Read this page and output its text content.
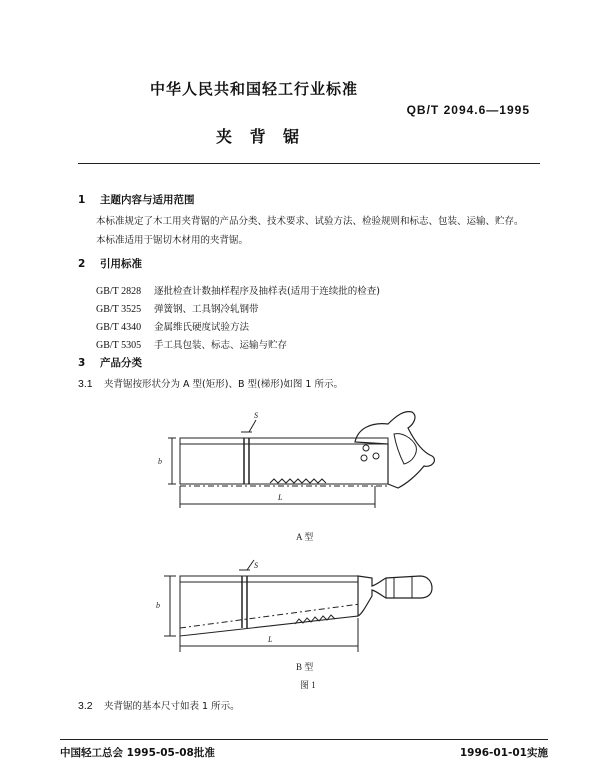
中华人民共和国轻工行业标准
QB/T 2094.6—1995
夹 背 锯
1 主题内容与适用范围
本标准规定了木工用夹背锯的产品分类、技术要求、试验方法、检验规则和标志、包装、运输、贮存。
本标准适用于锯切木材用的夹背锯。
2 引用标准
GB/T 2828 逐批检查计数抽样程序及抽样表(适用于连续批的检查)
GB/T 3525 弹簧钢、工具钢冷轧钢带
GB/T 4340 金属维氏硬度试验方法
GB/T 5305 手工具包装、标志、运输与贮存
3 产品分类
3.1 夹背锯按形状分为 A 型(矩形)、B 型(梯形)如图 1 所示。
S
b
L
A 型
S
b
L
B 型
图 1
3.2 夹背锯的基本尺寸如表 1 所示。
中国轻工总会 1995-05-08批准	1996-01-01实施
